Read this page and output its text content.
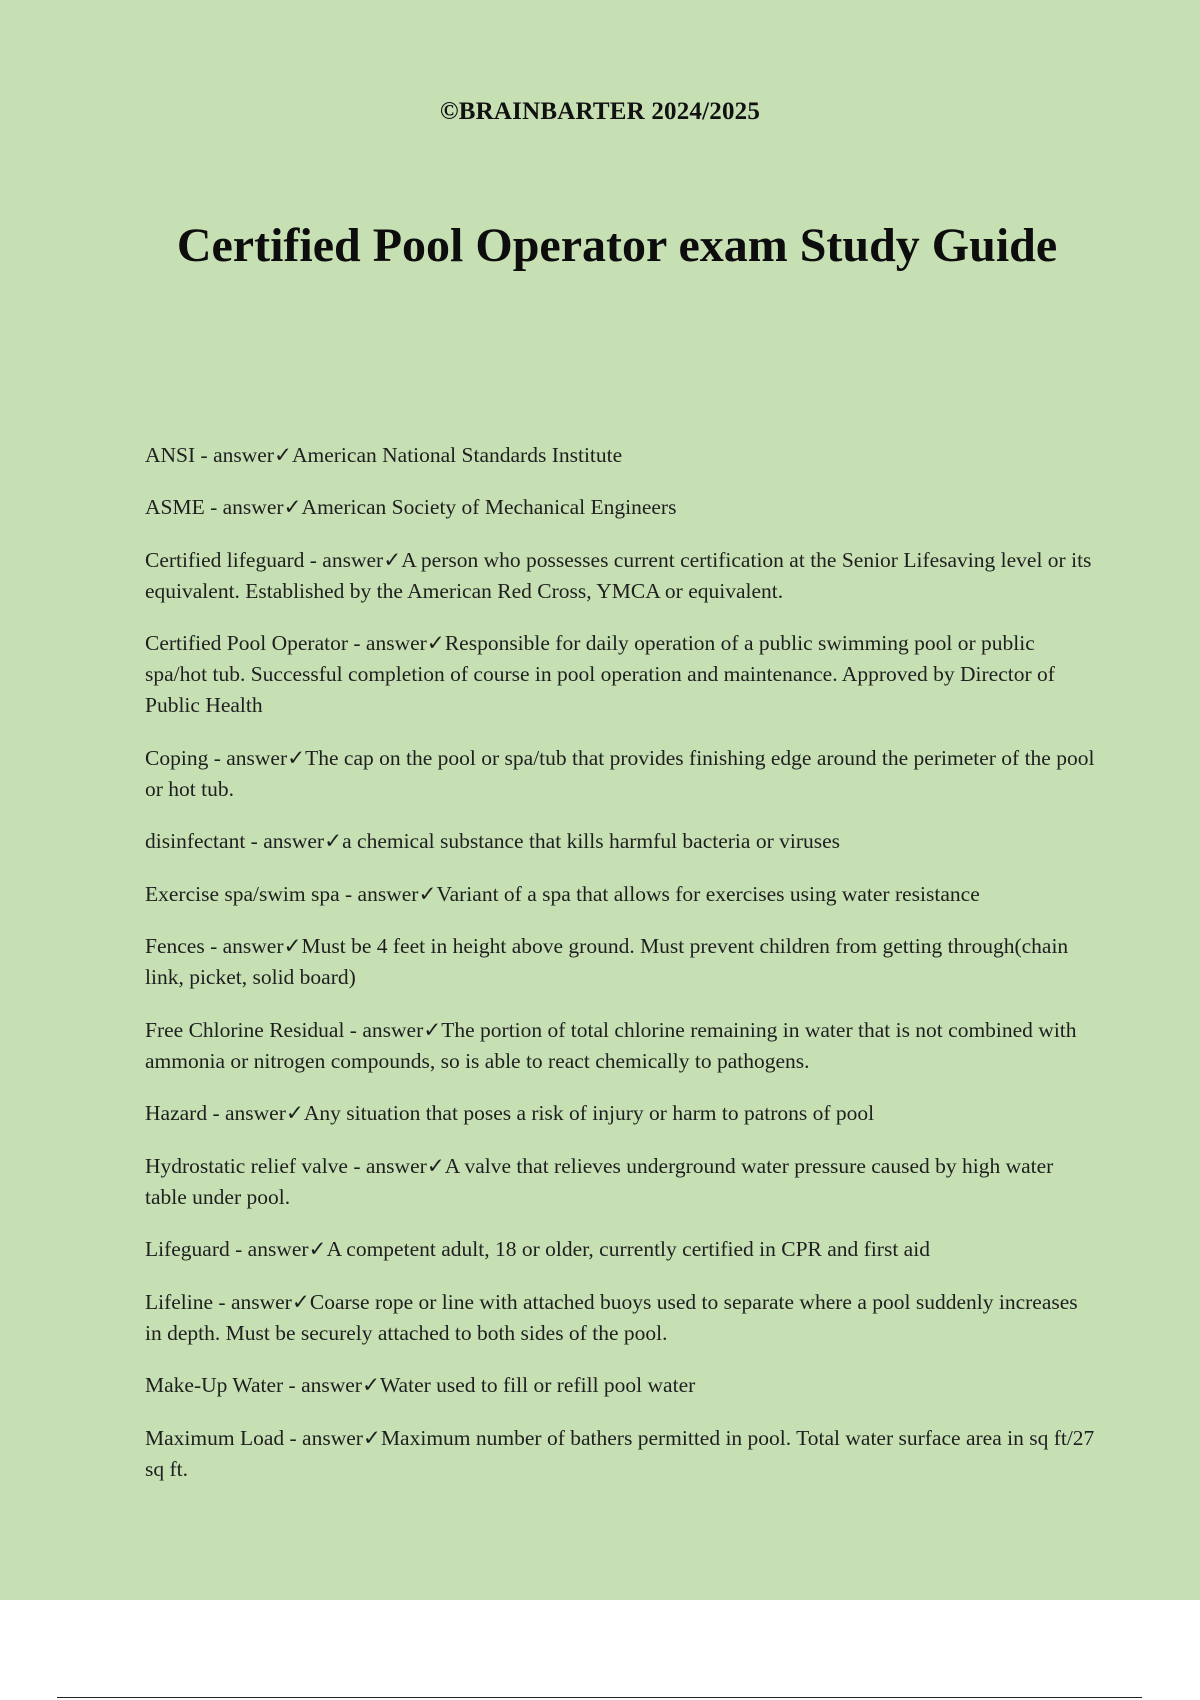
©BRAINBARTER 2024/2025
Certified Pool Operator exam Study Guide

ANSI - answer✓American National Standards Institute

ASME - answer✓American Society of Mechanical Engineers

Certified lifeguard - answer✓A person who possesses current certification at the Senior Lifesaving level or its equivalent. Established by the American Red Cross, YMCA or equivalent.

Certified Pool Operator - answer✓Responsible for daily operation of a public swimming pool or public spa/hot tub. Successful completion of course in pool operation and maintenance. Approved by Director of Public Health

Coping - answer✓The cap on the pool or spa/tub that provides finishing edge around the perimeter of the pool or hot tub.

disinfectant - answer✓a chemical substance that kills harmful bacteria or viruses

Exercise spa/swim spa - answer✓Variant of a spa that allows for exercises using water resistance

Fences - answer✓Must be 4 feet in height above ground. Must prevent children from getting through(chain link, picket, solid board)

Free Chlorine Residual - answer✓The portion of total chlorine remaining in water that is not combined with ammonia or nitrogen compounds, so is able to react chemically to pathogens.

Hazard - answer✓Any situation that poses a risk of injury or harm to patrons of pool

Hydrostatic relief valve - answer✓A valve that relieves underground water pressure caused by high water table under pool.

Lifeguard - answer✓A competent adult, 18 or older, currently certified in CPR and first aid

Lifeline - answer✓Coarse rope or line with attached buoys used to separate where a pool suddenly increases in depth. Must be securely attached to both sides of the pool.

Make-Up Water - answer✓Water used to fill or refill pool water

Maximum Load - answer✓Maximum number of bathers permitted in pool. Total water surface area in sq ft/27 sq ft.
